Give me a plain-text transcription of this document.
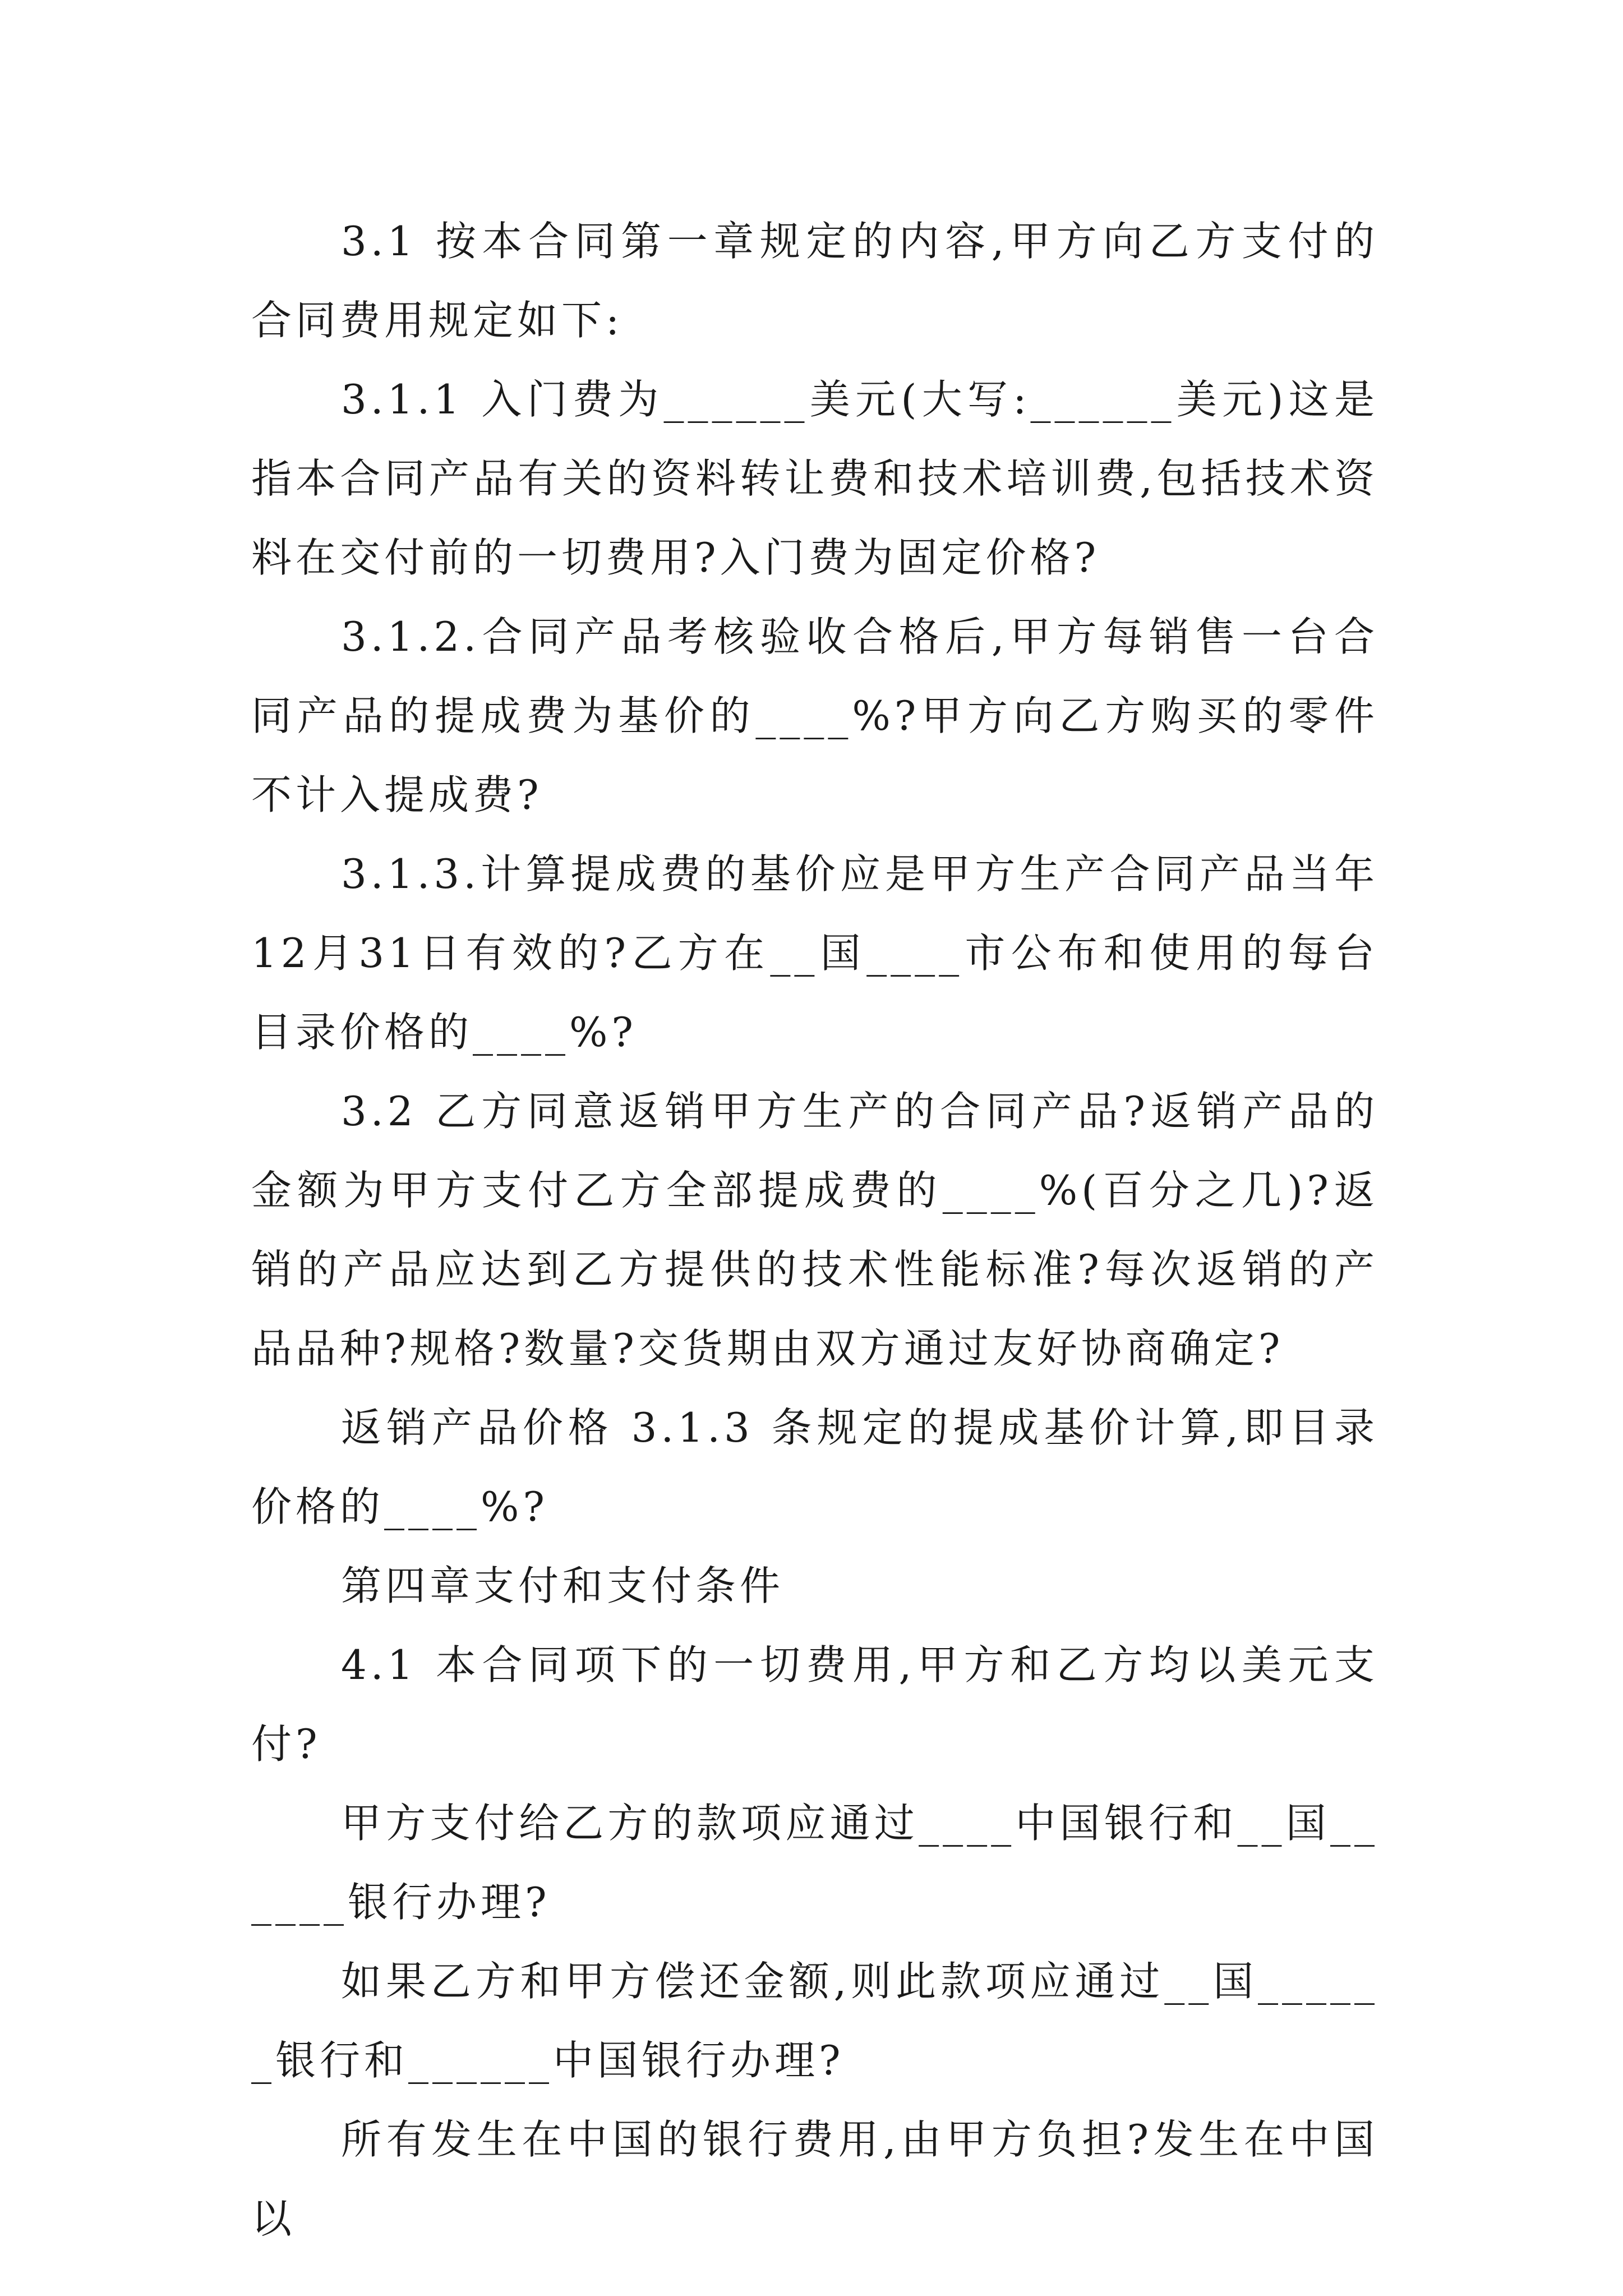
3.1 按本合同第一章规定的内容,甲方向乙方支付的合同费用规定如下:

3.1.1 入门费为______美元(大写:______美元)这是指本合同产品有关的资料转让费和技术培训费,包括技术资料在交付前的一切费用?入门费为固定价格?

3.1.2.合同产品考核验收合格后,甲方每销售一台合同产品的提成费为基价的____%?甲方向乙方购买的零件不计入提成费?

3.1.3.计算提成费的基价应是甲方生产合同产品当年12月31日有效的?乙方在__国____市公布和使用的每台目录价格的____%?

3.2 乙方同意返销甲方生产的合同产品?返销产品的金额为甲方支付乙方全部提成费的____%(百分之几)?返销的产品应达到乙方提供的技术性能标准?每次返销的产品品种?规格?数量?交货期由双方通过友好协商确定?

返销产品价格 3.1.3 条规定的提成基价计算,即目录价格的____%?

第四章支付和支付条件

4.1 本合同项下的一切费用,甲方和乙方均以美元支付?

甲方支付给乙方的款项应通过____中国银行和__国______银行办理?

如果乙方和甲方偿还金额,则此款项应通过__国______银行和______中国银行办理?

所有发生在中国的银行费用,由甲方负担?发生在中国以
